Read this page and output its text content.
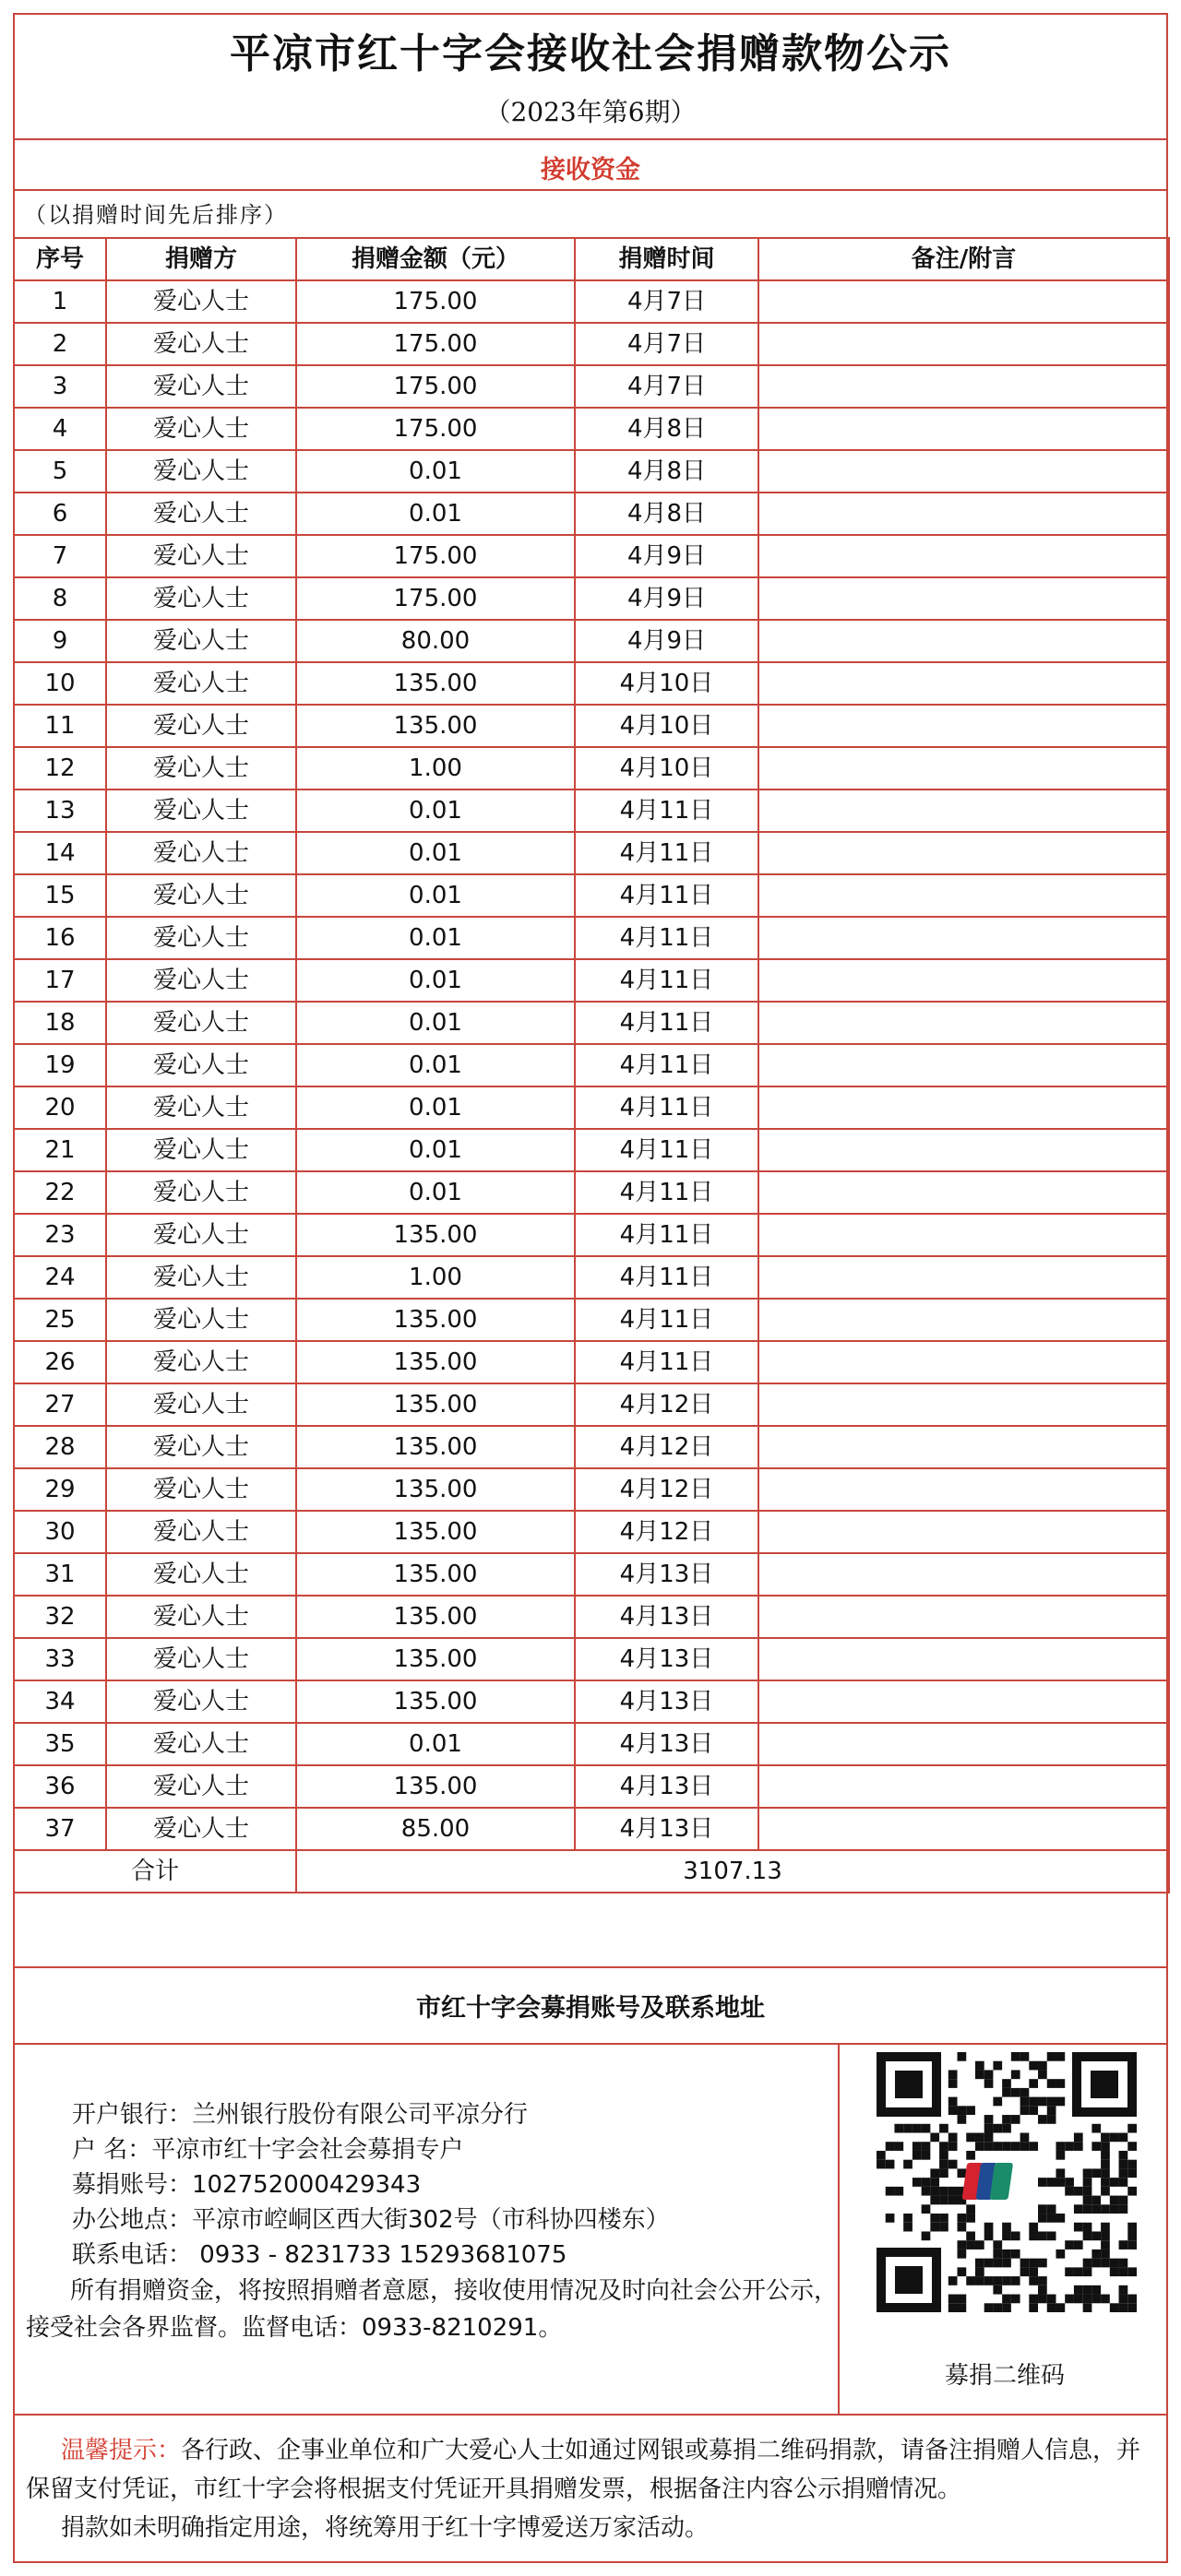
平凉市红十字会接收社会捐赠款物公示
（2023年第6期）
接收资金
（以捐赠时间先后排序）
序号	捐赠方	捐赠金额（元）	捐赠时间	备注/附言
1	爱心人士	175.00	4月7日	
2	爱心人士	175.00	4月7日	
3	爱心人士	175.00	4月7日	
4	爱心人士	175.00	4月8日	
5	爱心人士	0.01	4月8日	
6	爱心人士	0.01	4月8日	
7	爱心人士	175.00	4月9日	
8	爱心人士	175.00	4月9日	
9	爱心人士	80.00	4月9日	
10	爱心人士	135.00	4月10日	
11	爱心人士	135.00	4月10日	
12	爱心人士	1.00	4月10日	
13	爱心人士	0.01	4月11日	
14	爱心人士	0.01	4月11日	
15	爱心人士	0.01	4月11日	
16	爱心人士	0.01	4月11日	
17	爱心人士	0.01	4月11日	
18	爱心人士	0.01	4月11日	
19	爱心人士	0.01	4月11日	
20	爱心人士	0.01	4月11日	
21	爱心人士	0.01	4月11日	
22	爱心人士	0.01	4月11日	
23	爱心人士	135.00	4月11日	
24	爱心人士	1.00	4月11日	
25	爱心人士	135.00	4月11日	
26	爱心人士	135.00	4月11日	
27	爱心人士	135.00	4月12日	
28	爱心人士	135.00	4月12日	
29	爱心人士	135.00	4月12日	
30	爱心人士	135.00	4月12日	
31	爱心人士	135.00	4月13日	
32	爱心人士	135.00	4月13日	
33	爱心人士	135.00	4月13日	
34	爱心人士	135.00	4月13日	
35	爱心人士	0.01	4月13日	
36	爱心人士	135.00	4月13日	
37	爱心人士	85.00	4月13日	
合计		3107.13		
市红十字会募捐账号及联系地址
开户银行：兰州银行股份有限公司平凉分行
户 名：平凉市红十字会社会募捐专户
募捐账号：102752000429343
办公地点：平凉市崆峒区西大街302号（市科协四楼东）
联系电话： 0933 - 8231733 15293681075
所有捐赠资金，将按照捐赠者意愿，接收使用情况及时向社会公开公示，接受社会各界监督。监督电话：0933-8210291。
募捐二维码

温馨提示：各行政、企事业单位和广大爱心人士如通过网银或募捐二维码捐款，请备注捐赠人信息，并保留支付凭证，市红十字会将根据支付凭证开具捐赠发票，根据备注内容公示捐赠情况。

捐款如未明确指定用途，将统筹用于红十字博爱送万家活动。
